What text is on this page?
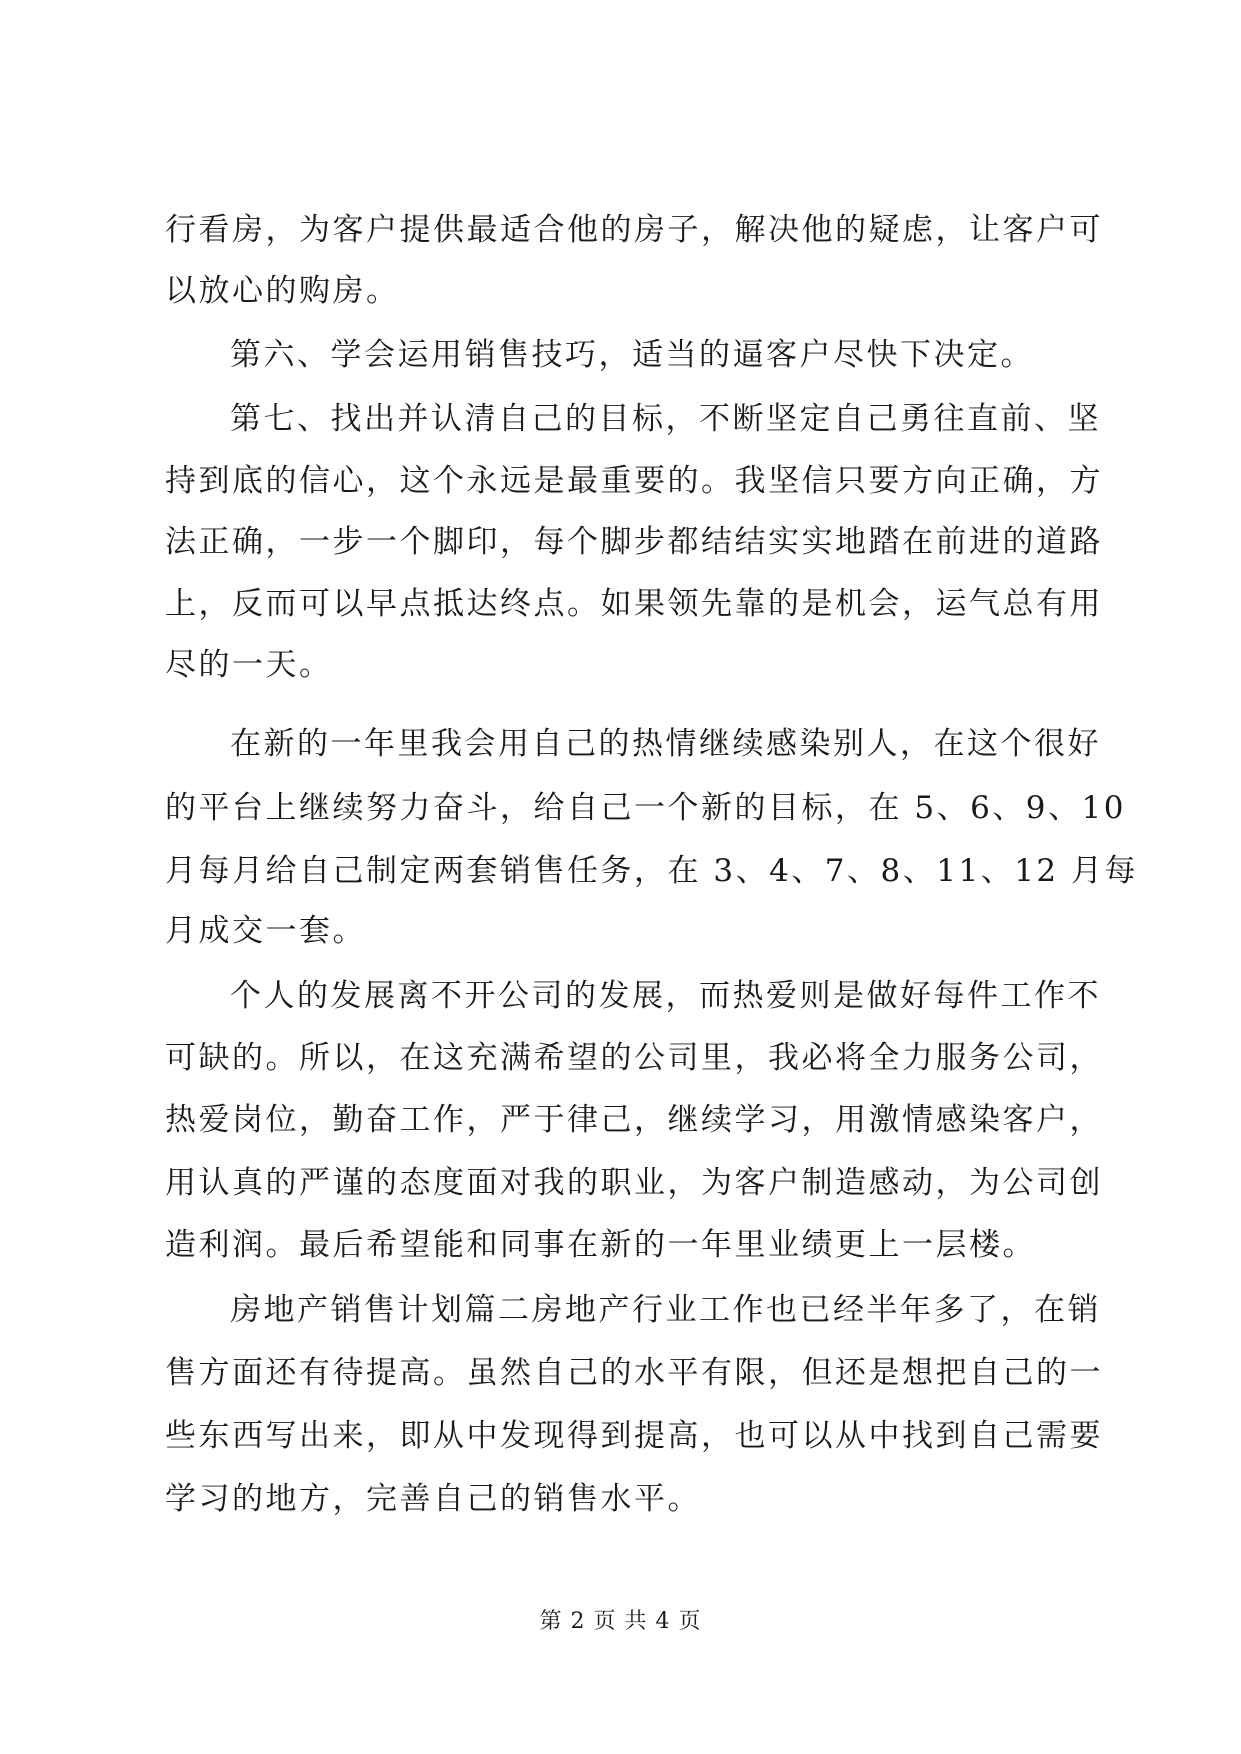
行看房，为客户提供最适合他的房子，解决他的疑虑，让客户可
以放心的购房。
第六、学会运用销售技巧，适当的逼客户尽快下决定。
第七、找出并认清自己的目标，不断坚定自己勇往直前、坚
持到底的信心，这个永远是最重要的。我坚信只要方向正确，方
法正确，一步一个脚印，每个脚步都结结实实地踏在前进的道路
上，反而可以早点抵达终点。如果领先靠的是机会，运气总有用
尽的一天。
在新的一年里我会用自己的热情继续感染别人，在这个很好
的平台上继续努力奋斗，给自己一个新的目标，在 5、6、9、10
月每月给自己制定两套销售任务，在 3、4、7、8、11、12 月每
月成交一套。
个人的发展离不开公司的发展，而热爱则是做好每件工作不
可缺的。所以，在这充满希望的公司里，我必将全力服务公司，
热爱岗位，勤奋工作，严于律己，继续学习，用激情感染客户，
用认真的严谨的态度面对我的职业，为客户制造感动，为公司创
造利润。最后希望能和同事在新的一年里业绩更上一层楼。
房地产销售计划篇二房地产行业工作也已经半年多了，在销
售方面还有待提高。虽然自己的水平有限，但还是想把自己的一
些东西写出来，即从中发现得到提高，也可以从中找到自己需要
学习的地方，完善自己的销售水平。
第 2 页 共 4 页
